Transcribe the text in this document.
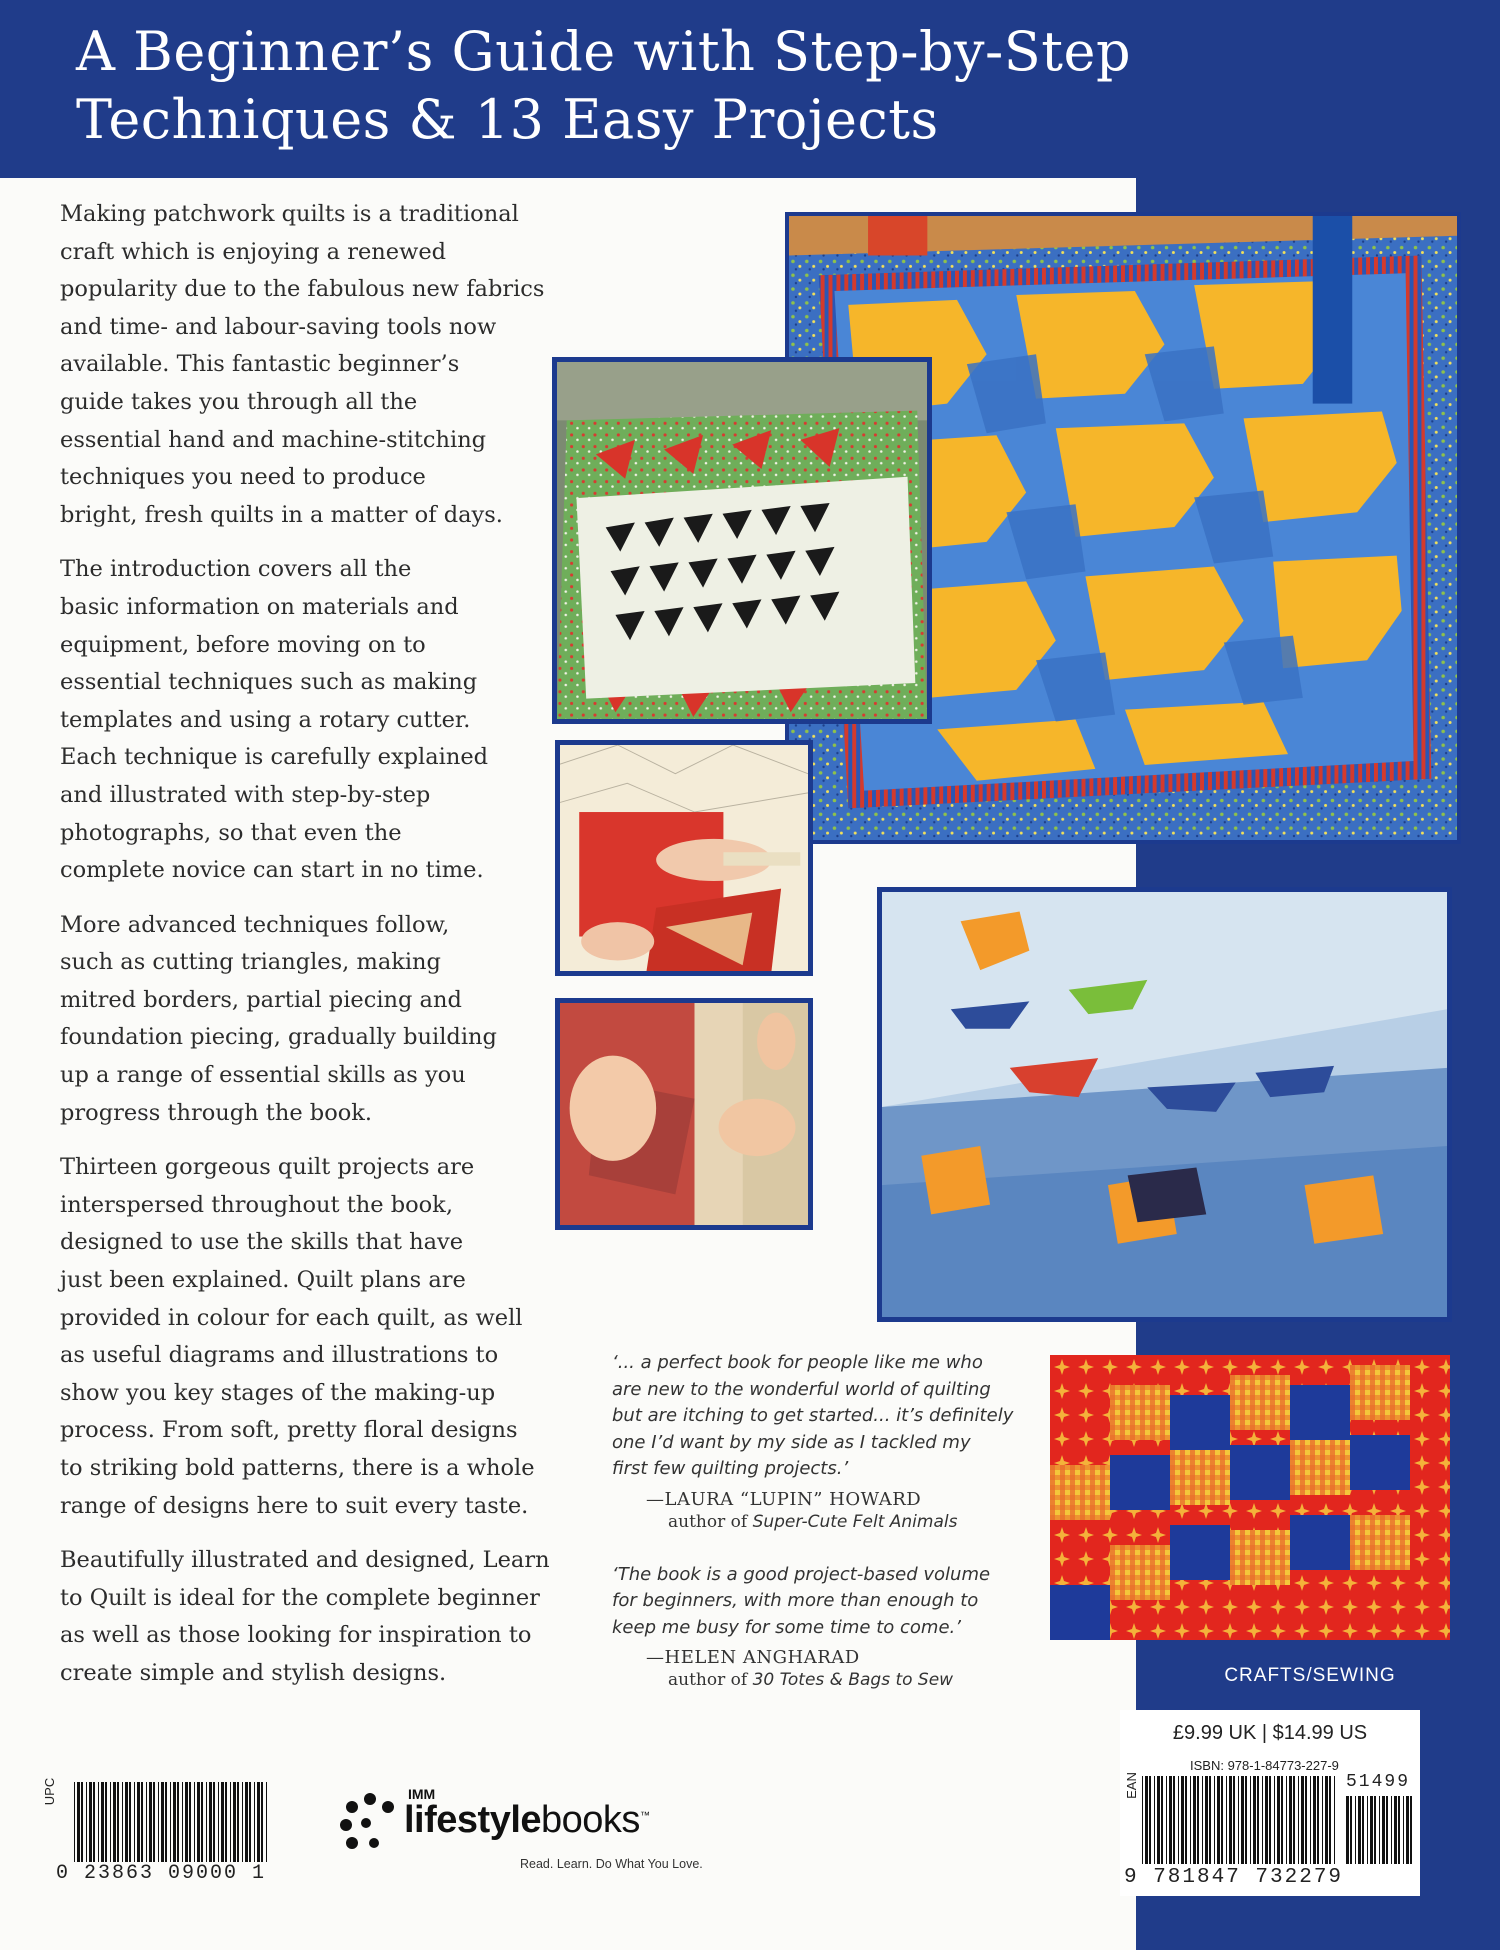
A Beginner’s Guide with Step-by-Step
Techniques & 13 Easy Projects

Making patchwork quilts is a traditional
craft which is enjoying a renewed
popularity due to the fabulous new fabrics
and time- and labour-saving tools now
available. This fantastic beginner’s
guide takes you through all the
essential hand and machine-stitching
techniques you need to produce
bright, fresh quilts in a matter of days.

The introduction covers all the
basic information on materials and
equipment, before moving on to
essential techniques such as making
templates and using a rotary cutter.
Each technique is carefully explained
and illustrated with step-by-step
photographs, so that even the
complete novice can start in no time.

More advanced techniques follow,
such as cutting triangles, making
mitred borders, partial piecing and
foundation piecing, gradually building
up a range of essential skills as you
progress through the book.

Thirteen gorgeous quilt projects are
interspersed throughout the book,
designed to use the skills that have
just been explained. Quilt plans are
provided in colour for each quilt, as well
as useful diagrams and illustrations to
show you key stages of the making-up
process. From soft, pretty floral designs
to striking bold patterns, there is a whole
range of designs here to suit every taste.

Beautifully illustrated and designed, Learn
to Quilt is ideal for the complete beginner
as well as those looking for inspiration to
create simple and stylish designs.

‘... a perfect book for people like me who
are new to the wonderful world of quilting
but are itching to get started... it’s definitely
one I’d want by my side as I tackled my
first few quilting projects.’

—LAURA “LUPIN” HOWARD
author of Super-Cute Felt Animals

‘The book is a good project-based volume
for beginners, with more than enough to
keep me busy for some time to come.’

—HELEN ANGHARAD
author of 30 Totes & Bags to Sew	CRAFTS/SEWING
£9.99 UK | $14.99 US
ISBN: 978-1-84773-227-9
EAN	51499
9 781847 732279
UPC
0 23863 09000 1
IMM
lifestylebooks™
Read. Learn. Do What You Love.
